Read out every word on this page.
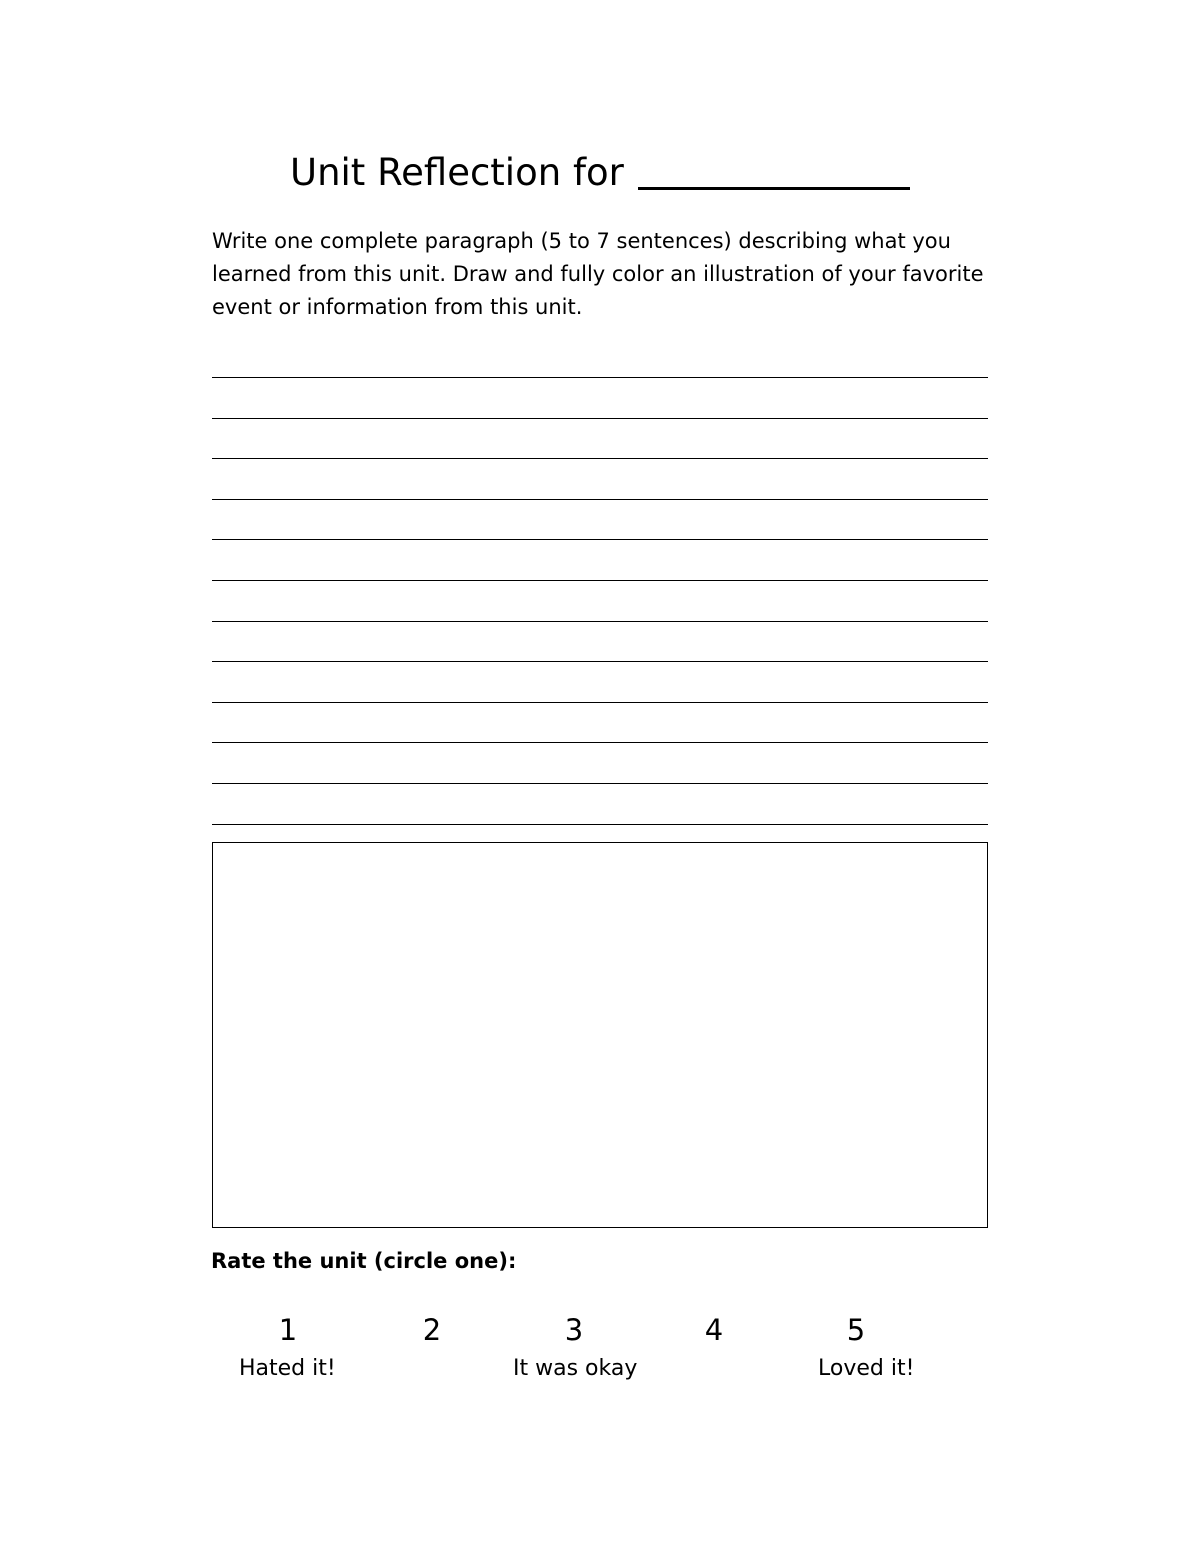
Unit Reflection for
Write one complete paragraph (5 to 7 sentences) describing what you learned from this unit. Draw and fully color an illustration of your favorite event or information from this unit.
Rate the unit (circle one):
1	2	3	4	5
Hated it!	It was okay	Loved it!
